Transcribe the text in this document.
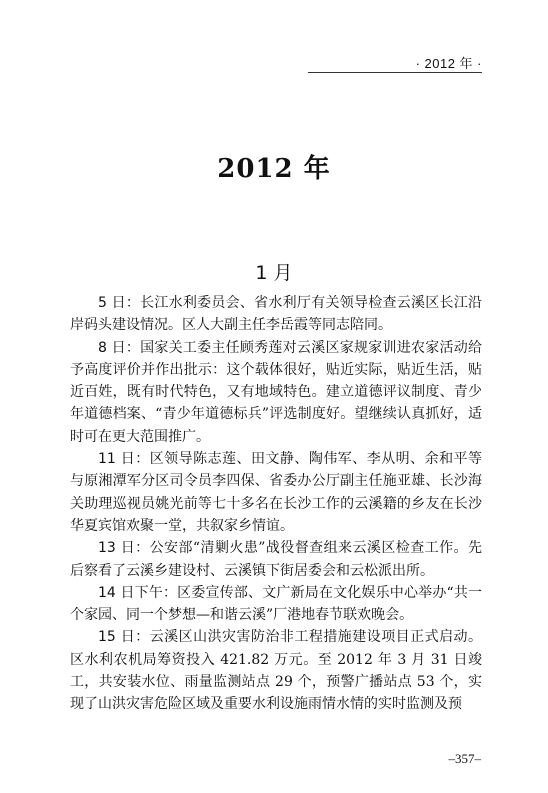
· 2012 年 ·
2012 年
1 月

5 日：长江水利委员会、省水利厅有关领导检查云溪区长江沿岸码头建设情况。区人大副主任李岳霞等同志陪同。

8 日：国家关工委主任顾秀莲对云溪区家规家训进农家活动给予高度评价并作出批示：这个载体很好，贴近实际，贴近生活，贴近百姓，既有时代特色，又有地域特色。建立道德评议制度、青少年道德档案、“青少年道德标兵”评选制度好。望继续认真抓好，适时可在更大范围推广。

11 日：区领导陈志莲、田文静、陶伟军、李从明、余和平等与原湘潭军分区司令员李四保、省委办公厅副主任施亚雄、长沙海关助理巡视员姚光前等七十多名在长沙工作的云溪籍的乡友在长沙华夏宾馆欢聚一堂，共叙家乡情谊。

13 日：公安部“清剿火患”战役督查组来云溪区检查工作。先后察看了云溪乡建设村、云溪镇下街居委会和云松派出所。

14 日下午：区委宣传部、文广新局在文化娱乐中心举办“共一个家园、同一个梦想—和谐云溪”厂港地春节联欢晚会。

15 日：云溪区山洪灾害防治非工程措施建设项目正式启动。区水利农机局筹资投入 421.82 万元。至 2012 年 3 月 31 日竣工，共安装水位、雨量监测站点 29 个，预警广播站点 53 个，实现了山洪灾害危险区域及重要水利设施雨情水情的实时监测及预

–357–
